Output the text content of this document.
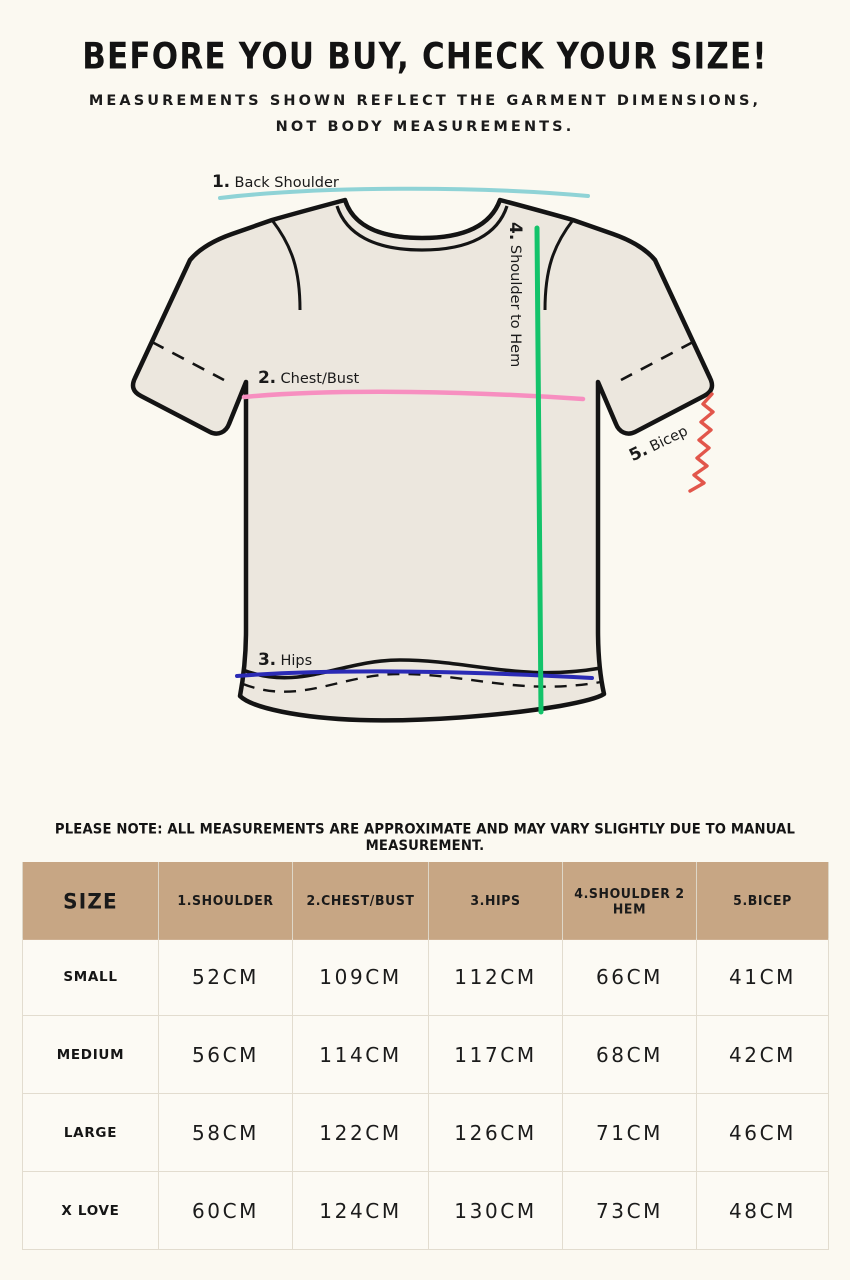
BEFORE YOU BUY, CHECK YOUR SIZE!
MEASUREMENTS SHOWN REFLECT THE GARMENT DIMENSIONS,
NOT BODY MEASUREMENTS.
1. Back Shoulder
2. Chest/Bust
3. Hips
4. Shoulder to Hem
5. Bicep
PLEASE NOTE: ALL MEASUREMENTS ARE APPROXIMATE AND MAY VARY SLIGHTLY DUE TO MANUAL MEASUREMENT.
SIZE	1.SHOULDER	2.CHEST/BUST	3.HIPS	4.SHOULDER 2 HEM	5.BICEP
SMALL	52CM	109CM	112CM	66CM	41CM
MEDIUM	56CM	114CM	117CM	68CM	42CM
LARGE	58CM	122CM	126CM	71CM	46CM
X LOVE	60CM	124CM	130CM	73CM	48CM
